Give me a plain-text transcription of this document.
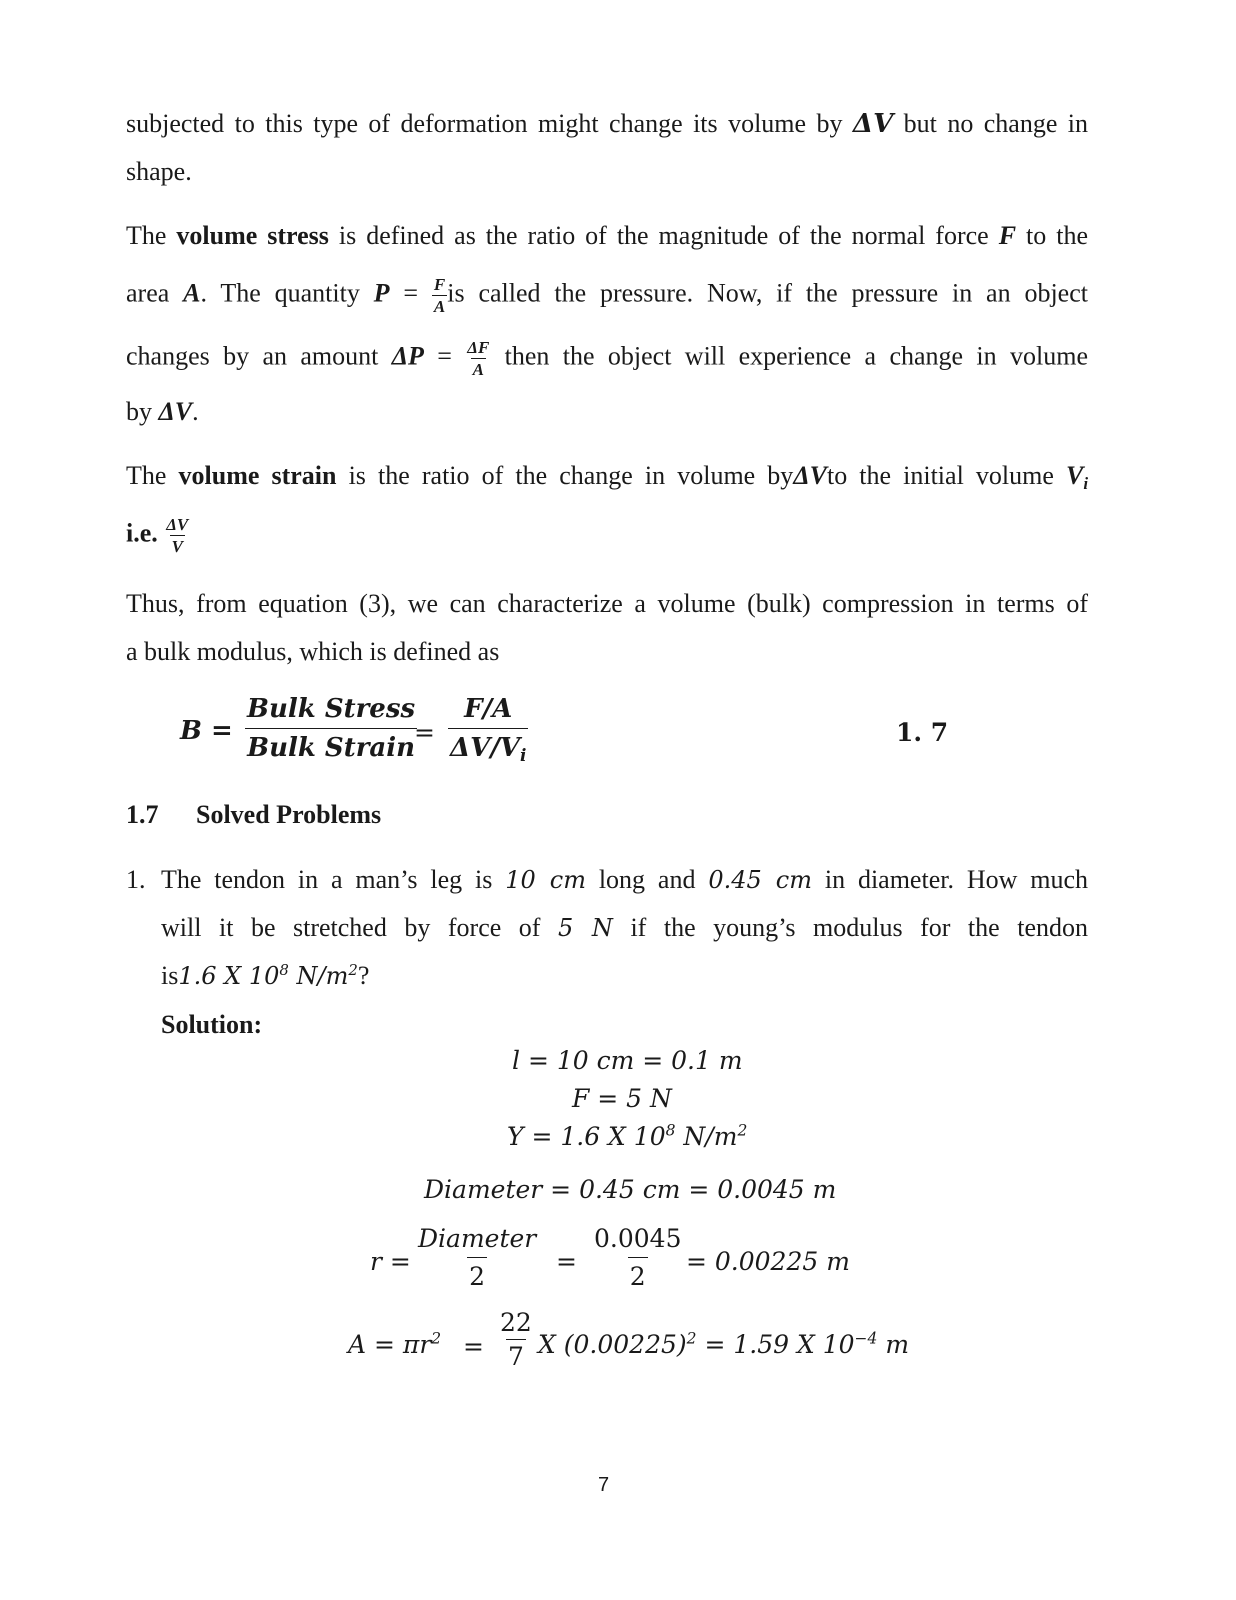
subjected to this type of deformation might change its volume by ΔV but no change in
shape.
The volume stress is defined as the ratio of the magnitude of the normal force F to the
area A. The quantity $P = \frac{F}{A}$ is called the pressure. Now, if the pressure in an object
changes by an amount $\Delta P = \frac{\Delta F}{A}$ then the object will experience a change in volume
by ΔV.
The volume strain is the ratio of the change in volume byΔVto the initial volume $V_i$
i.e. $\frac{\Delta V}{V}$
Thus, from equation (3), we can characterize a volume (bulk) compression in terms of
a bulk modulus, which is defined as
$B = \frac{\text{Bulk Stress}}{\text{Bulk Strain}}$
= $\frac{F/A}{\Delta V/V_i}$	1. 7
1.7 Solved Problems
1. The tendon in a man’s leg is 10 cm long and 0.45 cm in diameter. How much
will it be stretched by force of 5 N if the young’s modulus for the tendon
is1.6 X $10^8$ $N/m^2$?
Solution:
l = 10 cm = 0.1 m
F = 5 N
Y = 1.6 X $10^8$ $N/m^2$
Diameter = 0.45 cm = 0.0045 m
$r = \frac{\text{Diameter}}{2} = \frac{0.0045}{2} = 0.00225$ m
$A = \pi r^2 = \frac{22}{7}$ X $(0.00225)^2 = 1.59$ X $10^{-4}$ m
7
